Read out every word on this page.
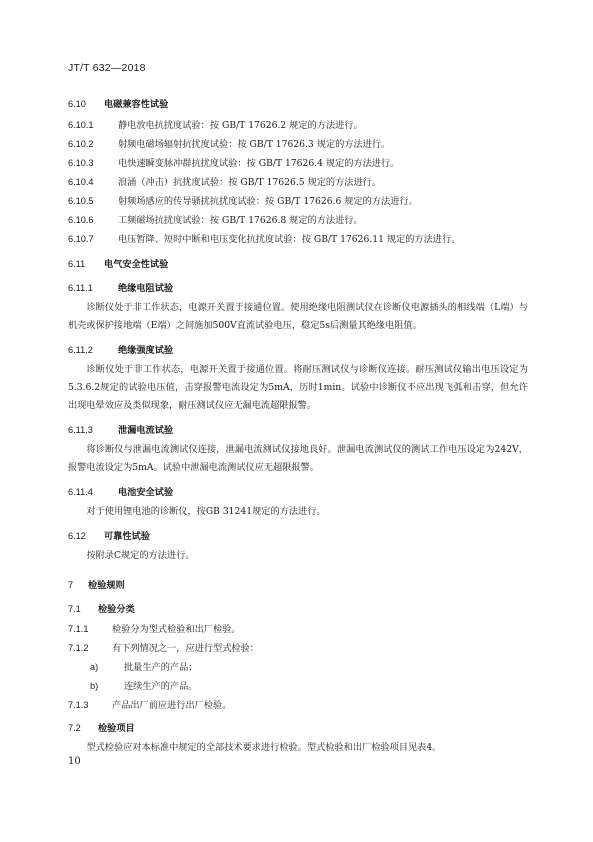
JT/T 632—2018
6.10 电磁兼容性试验
6.10.1	静电放电抗扰度试验：按 GB/T 17626.2 规定的方法进行。
6.10.2	射频电磁场辐射抗扰度试验：按 GB/T 17626.3 规定的方法进行。
6.10.3	电快速瞬变脉冲群抗扰度试验：按 GB/T 17626.4 规定的方法进行。
6.10.4	浪涌（冲击）抗扰度试验：按 GB/T 17626.5 规定的方法进行。
6.10.5	射频场感应的传导骚扰抗扰度试验：按 GB/T 17626.6 规定的方法进行。
6.10.6	工频磁场抗扰度试验：按 GB/T 17626.8 规定的方法进行。
6.10.7	电压暂降、短时中断和电压变化抗扰度试验：按 GB/T 17626.11 规定的方法进行。
6.11 电气安全性试验
6.11.1	绝缘电阻试验
诊断仪处于非工作状态，电源开关置于接通位置。使用绝缘电阻测试仪在诊断仪电源插头的相线端（L端）与机壳或保护接地端（E端）之间施加500V直流试验电压，稳定5s后测量其绝缘电阻值。
6.11.2	绝缘强度试验
诊断仪处于非工作状态，电源开关置于接通位置。将耐压测试仪与诊断仪连接。耐压测试仪输出电压设定为5.3.6.2规定的试验电压值，击穿报警电流设定为5mA，历时1min。试验中诊断仪不应出现飞弧和击穿，但允许出现电晕效应及类似现象，耐压测试仪应无漏电流超限报警。
6.11.3	泄漏电流试验
将诊断仪与泄漏电流测试仪连接，泄漏电流测试仪接地良好。泄漏电流测试仪的测试工作电压设定为242V，报警电流设定为5mA。试验中泄漏电流测试仪应无超限报警。
6.11.4	电池安全试验
对于使用锂电池的诊断仪，按GB 31241规定的方法进行。
6.12 可靠性试验
按附录C规定的方法进行。
7 检验规则
7.1 检验分类
7.1.1	检验分为型式检验和出厂检验。
7.1.2	有下列情况之一，应进行型式检验：
a)	批量生产的产品；
b)	连续生产的产品。
7.1.3	产品出厂前应进行出厂检验。
7.2 检验项目
型式检验应对本标准中规定的全部技术要求进行检验。型式检验和出厂检验项目见表4。
10
